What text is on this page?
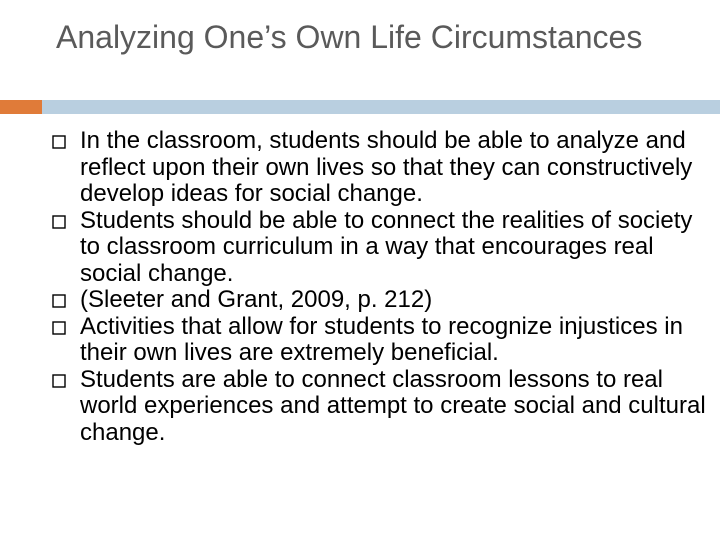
Analyzing One’s Own Life Circumstances
In the classroom, students should be able to analyze and reflect upon their own lives so that they can constructively develop ideas for social change.
Students should be able to connect the realities of society to classroom curriculum in a way that encourages real social change.
(Sleeter and Grant, 2009, p. 212)
Activities that allow for students to recognize injustices in their own lives are extremely beneficial.
Students are able to connect classroom lessons to real world experiences and attempt to create social and cultural change.
